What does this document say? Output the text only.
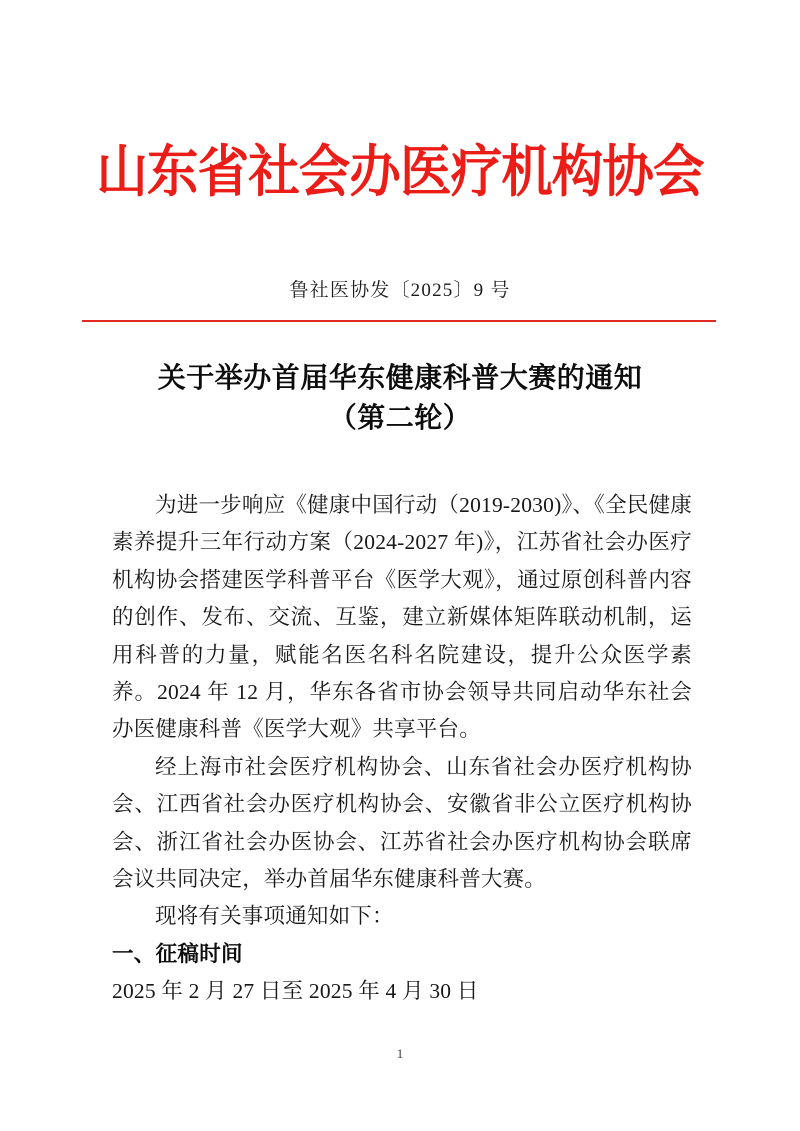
山东省社会办医疗机构协会
鲁社医协发〔2025〕9 号
关于举办首届华东健康科普大赛的通知
（第二轮）

为进一步响应《健康中国行动（2019-2030)》、《全民健康素养提升三年行动方案（2024-2027 年)》，江苏省社会办医疗机构协会搭建医学科普平台《医学大观》，通过原创科普内容的创作、发布、交流、互鉴，建立新媒体矩阵联动机制，运用科普的力量，赋能名医名科名院建设，提升公众医学素养。2024 年 12 月，华东各省市协会领导共同启动华东社会办医健康科普《医学大观》共享平台。

经上海市社会医疗机构协会、山东省社会办医疗机构协会、江西省社会办医疗机构协会、安徽省非公立医疗机构协会、浙江省社会办医协会、江苏省社会办医疗机构协会联席会议共同决定，举办首届华东健康科普大赛。

现将有关事项通知如下：

一、征稿时间

2025 年 2 月 27 日至 2025 年 4 月 30 日

1
